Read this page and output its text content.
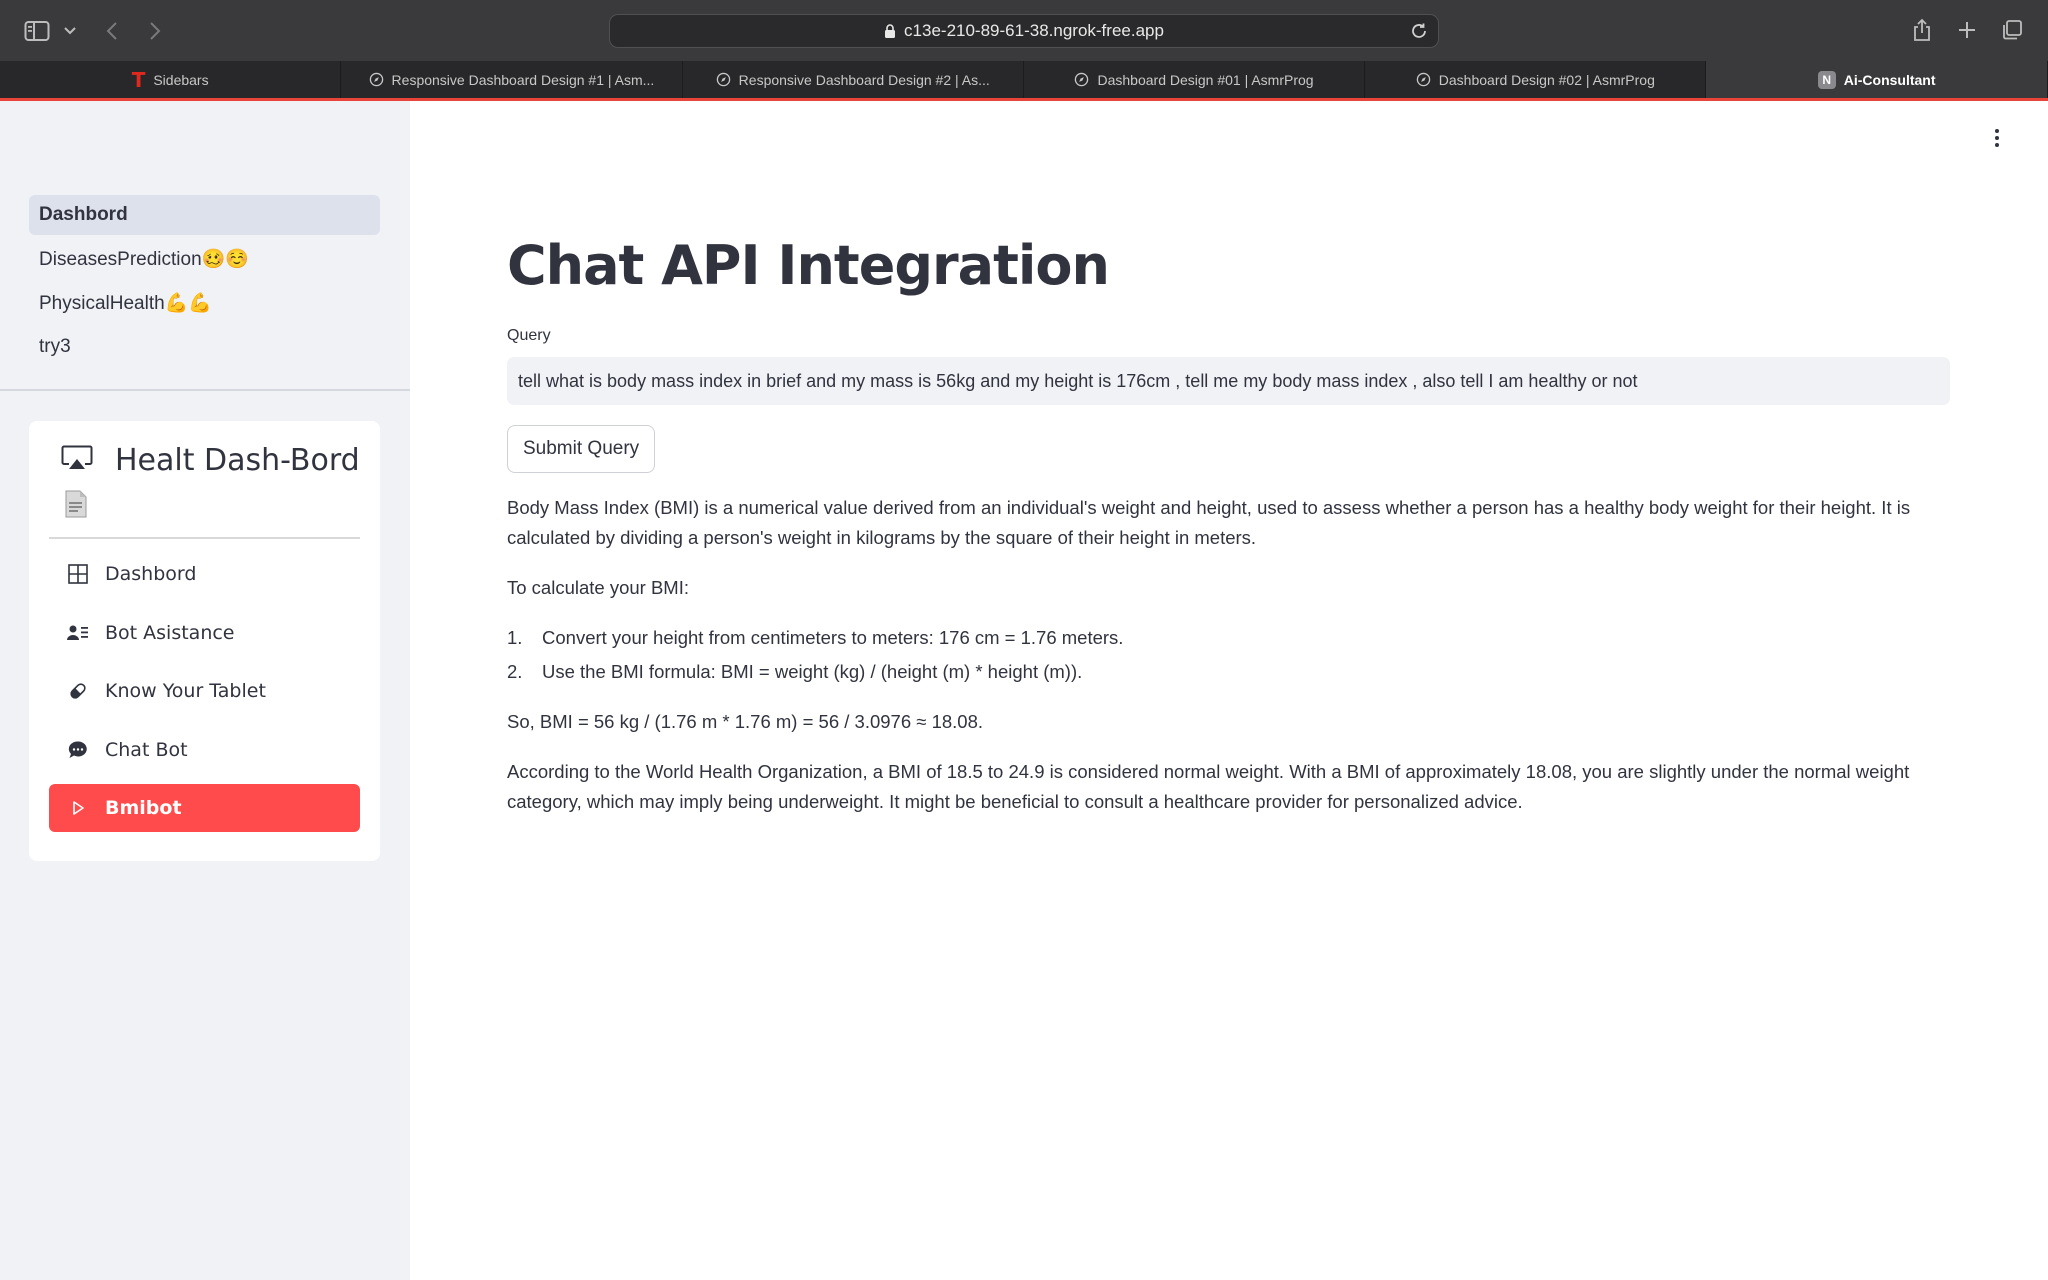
c13e-210-89-61-38.ngrok-free.app
T Sidebars	Responsive Dashboard Design #1 | Asm...	Responsive Dashboard Design #2 | As...	Dashboard Design #01 | AsmrProg	Dashboard Design #02 | AsmrProg	N Ai-Consultant
Dashbord
DiseasesPrediction🥴☺️
PhysicalHealth💪💪
try3
Healt Dash-Bord
Dashbord
Bot Asistance
Know Your Tablet
Chat Bot
Bmibot
Chat API Integration
Query
tell what is body mass index in brief and my mass is 56kg and my height is 176cm , tell me my body mass index , also tell I am healthy or not
Submit Query

Body Mass Index (BMI) is a numerical value derived from an individual's weight and height, used to assess whether a person has a healthy body weight for their height. It is calculated by dividing a person's weight in kilograms by the square of their height in meters.

To calculate your BMI:

1.	Convert your height from centimeters to meters: 176 cm = 1.76 meters.
2.	Use the BMI formula: BMI = weight (kg) / (height (m) * height (m)).

So, BMI = 56 kg / (1.76 m * 1.76 m) = 56 / 3.0976 ≈ 18.08.

According to the World Health Organization, a BMI of 18.5 to 24.9 is considered normal weight. With a BMI of approximately 18.08, you are slightly under the normal weight category, which may imply being underweight. It might be beneficial to consult a healthcare provider for personalized advice.
